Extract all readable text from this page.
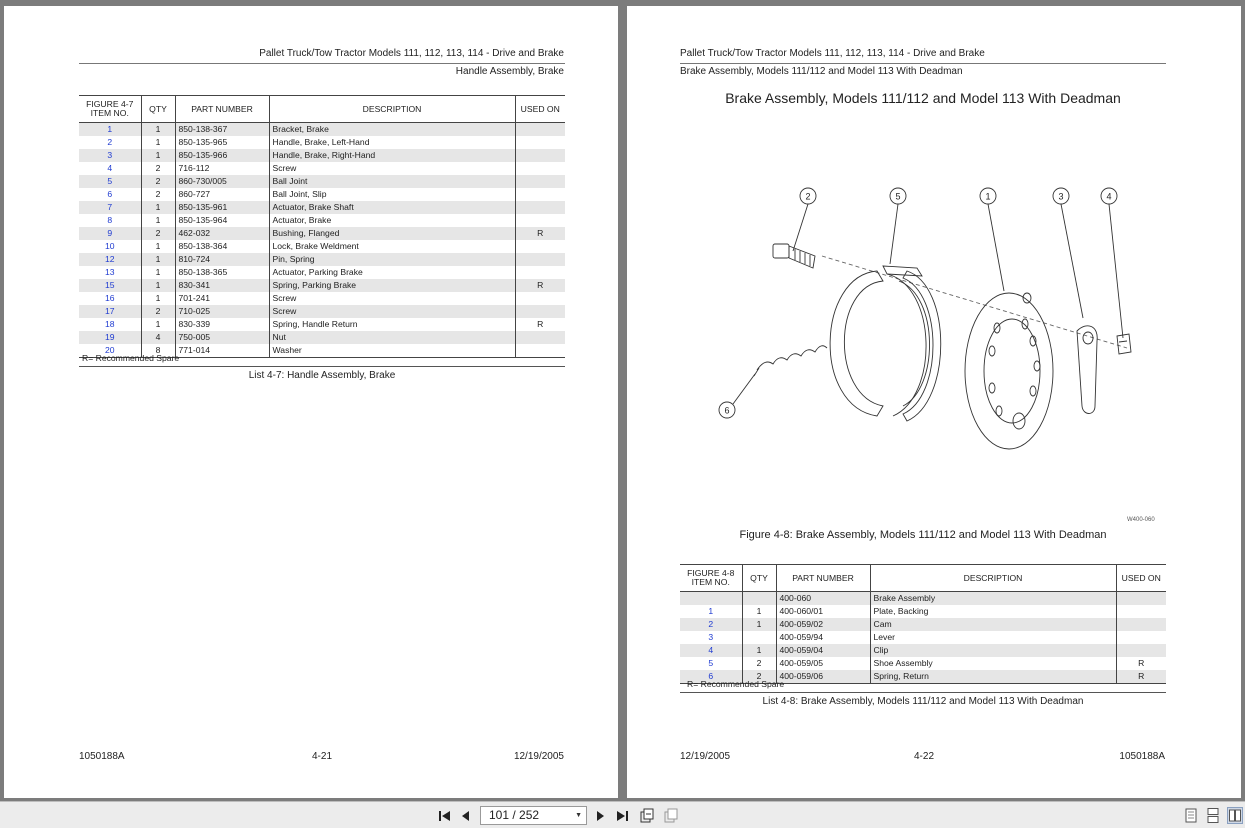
Pallet Truck/Tow Tractor Models 111, 112, 113, 114 - Drive and Brake
Handle Assembly, Brake
FIGURE 4-7 ITEM NO.	QTY	PART NUMBER	DESCRIPTION	USED ON
1	1	850-138-367	Bracket, Brake	
2	1	850-135-965	Handle, Brake, Left-Hand	
3	1	850-135-966	Handle, Brake, Right-Hand	
4	2	716-112	Screw	
5	2	860-730/005	Ball Joint	
6	2	860-727	Ball Joint, Slip	
7	1	850-135-961	Actuator, Brake Shaft	
8	1	850-135-964	Actuator, Brake	
9	2	462-032	Bushing, Flanged	R
10	1	850-138-364	Lock, Brake Weldment	
12	1	810-724	Pin, Spring	
13	1	850-138-365	Actuator, Parking Brake	
15	1	830-341	Spring, Parking Brake	R
16	1	701-241	Screw	
17	2	710-025	Screw	
18	1	830-339	Spring, Handle Return	R
19	4	750-005	Nut	
20	8	771-014	Washer	
R= Recommended Spare
List 4-7: Handle Assembly, Brake
1050188A	4-21	12/19/2005
Pallet Truck/Tow Tractor Models 111, 112, 113, 114 - Drive and Brake
Brake Assembly, Models 111/112 and Model 113 With Deadman
Brake Assembly, Models 111/112 and Model 113 With Deadman
2	5	1	3	4
6
W400-060
Figure 4-8: Brake Assembly, Models 111/112 and Model 113 With Deadman
FIGURE 4-8 ITEM NO.	QTY	PART NUMBER	DESCRIPTION	USED ON
		400-060	Brake Assembly	
1	1	400-060/01	Plate, Backing	
2	1	400-059/02	Cam	
3		400-059/94	Lever	
4	1	400-059/04	Clip	
5	2	400-059/05	Shoe Assembly	R
6	2	400-059/06	Spring, Return	R
R= Recommended Spare
List 4-8: Brake Assembly, Models 111/112 and Model 113 With Deadman
12/19/2005	4-22	1050188A
101 / 252	▼
